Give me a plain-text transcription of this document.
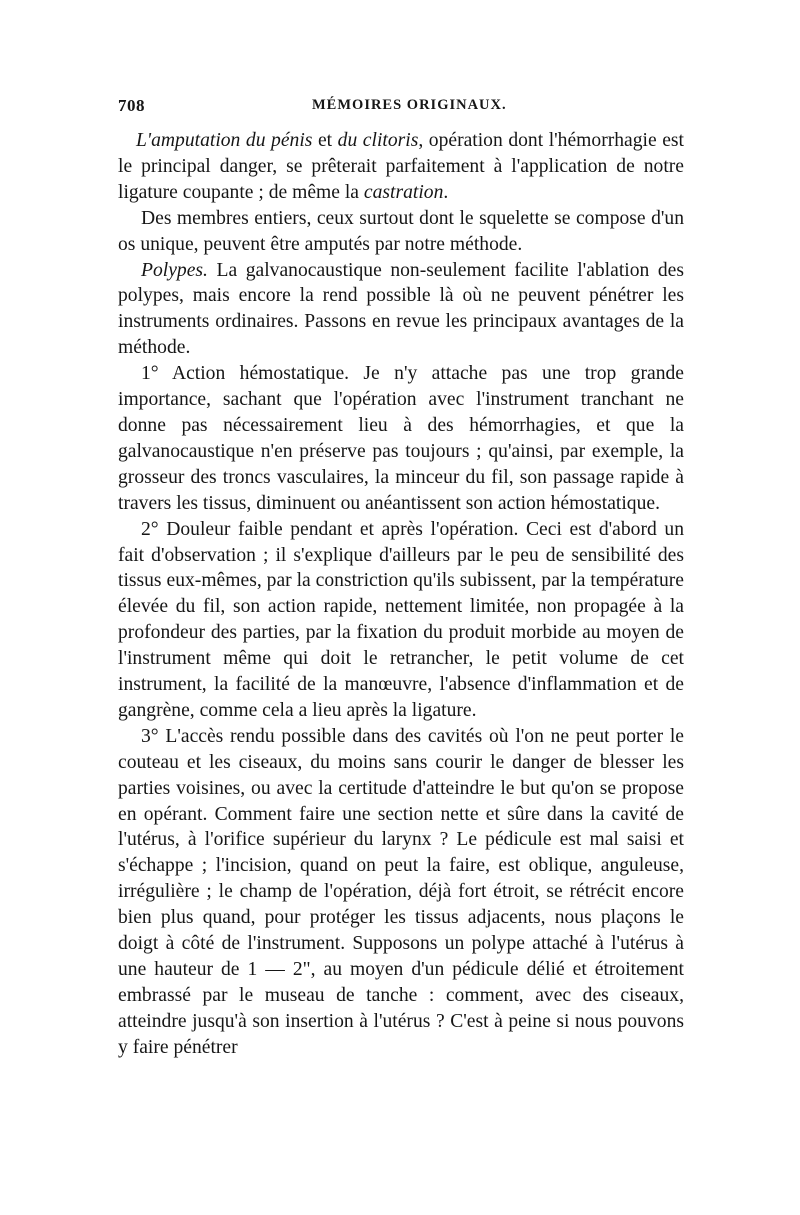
708	MÉMOIRES ORIGINAUX.

L'amputation du pénis et du clitoris, opération dont l'hémorrhagie est le principal danger, se prêterait parfaitement à l'application de notre ligature coupante ; de même la castration.

Des membres entiers, ceux surtout dont le squelette se compose d'un os unique, peuvent être amputés par notre méthode.

Polypes. La galvanocaustique non-seulement facilite l'ablation des polypes, mais encore la rend possible là où ne peuvent pénétrer les instruments ordinaires. Passons en revue les principaux avantages de la méthode.

1° Action hémostatique. Je n'y attache pas une trop grande importance, sachant que l'opération avec l'instrument tranchant ne donne pas nécessairement lieu à des hémorrhagies, et que la galvanocaustique n'en préserve pas toujours ; qu'ainsi, par exemple, la grosseur des troncs vasculaires, la minceur du fil, son passage rapide à travers les tissus, diminuent ou anéantissent son action hémostatique.

2° Douleur faible pendant et après l'opération. Ceci est d'abord un fait d'observation ; il s'explique d'ailleurs par le peu de sensibilité des tissus eux-mêmes, par la constriction qu'ils subissent, par la température élevée du fil, son action rapide, nettement limitée, non propagée à la profondeur des parties, par la fixation du produit morbide au moyen de l'instrument même qui doit le retrancher, le petit volume de cet instrument, la facilité de la manœuvre, l'absence d'inflammation et de gangrène, comme cela a lieu après la ligature.

3° L'accès rendu possible dans des cavités où l'on ne peut porter le couteau et les ciseaux, du moins sans courir le danger de blesser les parties voisines, ou avec la certitude d'atteindre le but qu'on se propose en opérant. Comment faire une section nette et sûre dans la cavité de l'utérus, à l'orifice supérieur du larynx ? Le pédicule est mal saisi et s'échappe ; l'incision, quand on peut la faire, est oblique, anguleuse, irrégulière ; le champ de l'opération, déjà fort étroit, se rétrécit encore bien plus quand, pour protéger les tissus adjacents, nous plaçons le doigt à côté de l'instrument. Supposons un polype attaché à l'utérus à une hauteur de 1 — 2", au moyen d'un pédicule délié et étroitement embrassé par le museau de tanche : comment, avec des ciseaux, atteindre jusqu'à son insertion à l'utérus ? C'est à peine si nous pouvons y faire pénétrer
